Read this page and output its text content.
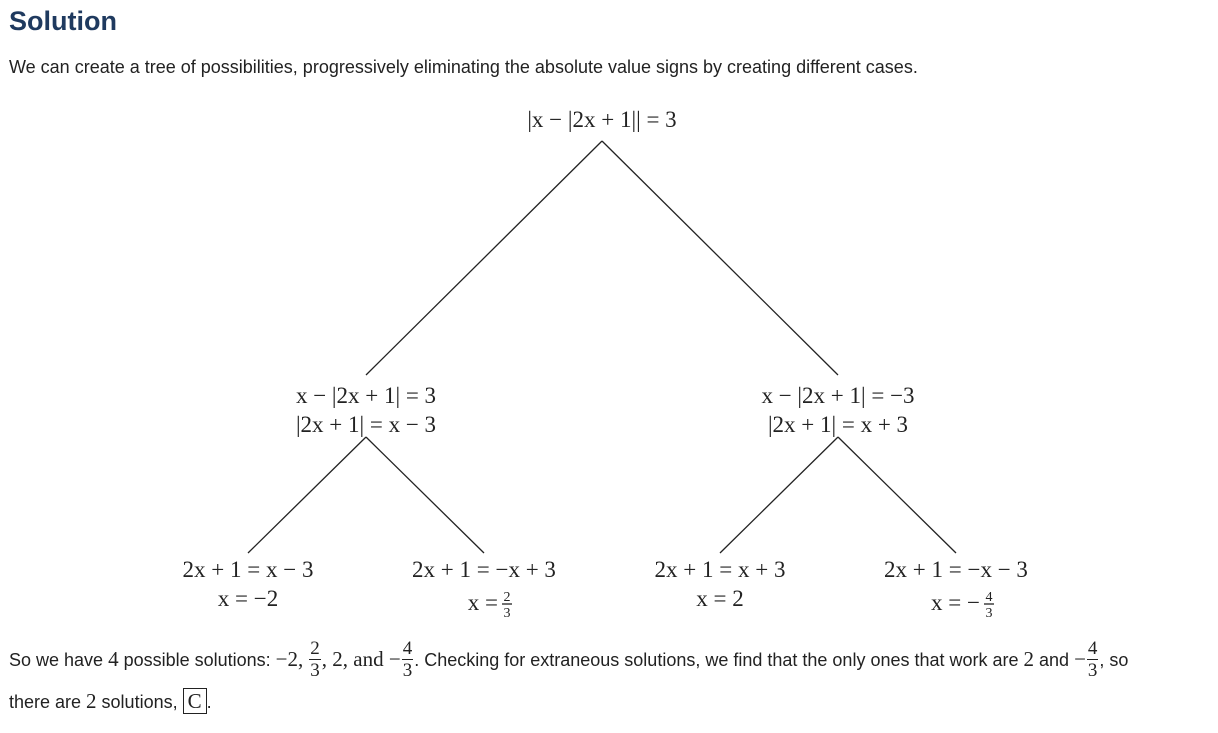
Solution

We can create a tree of possibilities, progressively eliminating the absolute value signs by creating different cases.

|x − |2x + 1|| = 3
x − |2x + 1| = 3
|2x + 1| = x − 3
x − |2x + 1| = −3
|2x + 1| = x + 3
2x + 1 = x − 3
x = −2
2x + 1 = −x + 3
x = 2
3
2x + 1 = x + 3
x = 2
2x + 1 = −x − 3
x = − 4
3
So we have 4 possible solutions: −2, $\frac{2}{3}$ , 2, and − $\frac{4}{3}$ . Checking for extraneous solutions, we find that the only ones that work are 2 and − $\frac{4}{3}$ , so
there are 2 solutions, C .
